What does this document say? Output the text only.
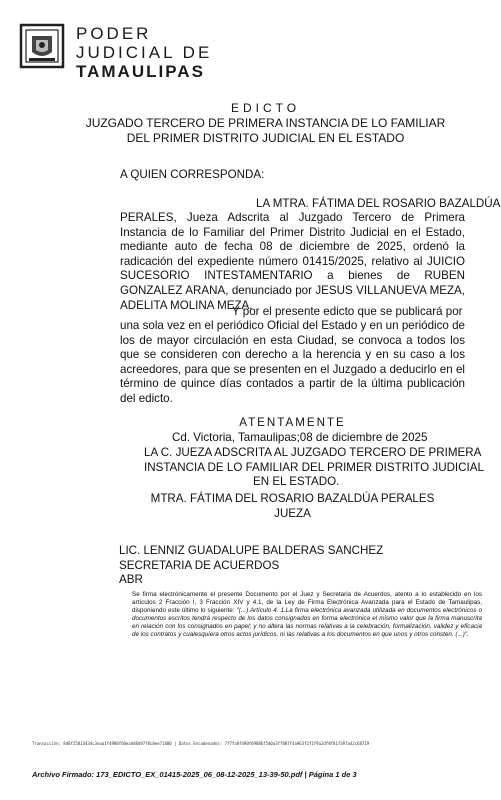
PODER
JUDICIAL DE
TAMAULIPAS
EDICTO
JUZGADO TERCERO DE PRIMERA INSTANCIA DE LO FAMILIAR
DEL PRIMER DISTRITO JUDICIAL EN EL ESTADO
A QUIEN CORRESPONDA:
LA MTRA. FÁTIMA DEL ROSARIO BAZALDÚA
PERALES, Jueza Adscrita al Juzgado Tercero de Primera Instancia de lo Familiar del Primer Distrito Judicial en el Estado, mediante auto de fecha 08 de diciembre de 2025, ordenó la radicación del expediente número 01415/2025, relativo al JUICIO SUCESORIO INTESTAMENTARIO a bienes de RUBEN GONZALEZ ARANA, denunciado por JESUS VILLANUEVA MEZA, ADELITA MOLINA MEZA.
Y por el presente edicto que se publicará por
una sola vez en el periódico Oficial del Estado y en un periódico de los de mayor circulación en esta Ciudad, se convoca a todos los que se consideren con derecho a la herencia y en su caso a los acreedores, para que se presenten en el Juzgado a deducirlo en el término de quince días contados a partir de la última publicación del edicto.
ATENTAMENTE
Cd. Victoria, Tamaulipas;08 de diciembre de 2025
LA C. JUEZA ADSCRITA AL JUZGADO TERCERO DE PRIMERA
INSTANCIA DE LO FAMILIAR DEL PRIMER DISTRITO JUDICIAL
EN EL ESTADO.
MTRA. FÁTIMA DEL ROSARIO BAZALDÚA PERALES
JUEZA
LIC. LENNIZ GUADALUPE BALDERAS SANCHEZ
SECRETARIA DE ACUERDOS
ABR
Se firma electrónicamente el presente Documento por el Juez y Secretaria de Acuerdos, atento a lo establecido en los artículos 2 Fracción I, 3 Fracción XIV y 4.1, de la Ley de Firma Electrónica Avanzada para el Estado de Tamaulipas, disponiendo este último lo siguiente: "(...) Artículo 4. 1.La firma electrónica avanzada utilizada en documentos electrónicos o documentos escritos tendrá respecto de los datos consignados en forma electrónica el mismo valor que la firma manuscrita en relación con los consignados en papel; y no altera las normas relativas a la celebración, formalización, validez y eficacia de los contratos y cualesquiera otros actos jurídicos, ni las relativas a los documentos en que unos y otros consten. (...)".
Transacción: 8d8f25813434c3eaa1f4988f60ea4d8d97f0c8ee71880 | Datos Encadenados: 7f7fa8f490f69886f5d0a3ff887f4a963f2f1f9a2df8f81f397a42c68719
Archivo Firmado: 173_EDICTO_EX_01415-2025_06_08-12-2025_13-39-50.pdf | Página 1 de 3
